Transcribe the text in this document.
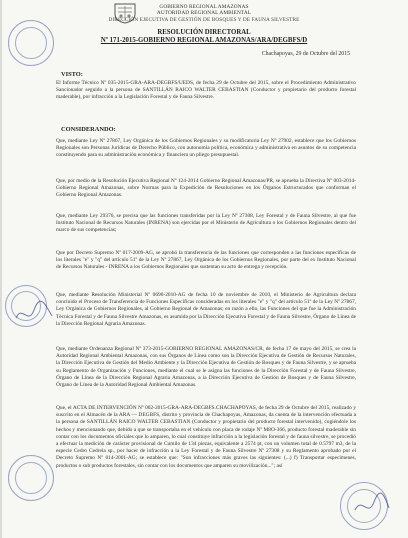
GOBIERNO REGIONAL AMAZONAS
AUTORIDAD REGIONAL AMBIENTAL
DIRECCIÓN EJECUTIVA DE GESTIÓN DE BOSQUES Y DE FAUNA SILVESTRE
RESOLUCIÓN DIRECTORAL
Nº 171-2015-GOBIERNO REGIONAL AMAZONAS/ARA/DEGBFS/D
Chachapoyas, 29 de Octubre del 2015
VISTO:
El Informe Técnico Nº 035-2015-GRA-ARA-DEGBFS/UEDS, de fecha 29 de Octubre del 2015, sobre el Procedimiento Administrativo Sancionador seguido a la persona de SANTILLÁN RAICO WALTER CEBASTIAN (Conductor y propietario del producto forestal maderable), por infracción a la Legislación Forestal y de Fauna Silvestre.
CONSIDERANDO:
Que, mediante Ley Nº 27867, Ley Orgánica de los Gobiernos Regionales y su modificatoria Ley Nº 27902, establece que los Gobiernos Regionales son Personas Jurídicas de Derecho Público, con autonomía política, económica y administrativa en asuntos de su competencia constituyendo para su administración económica y financiera un pliego presupuestal.
Que, por medio de la Resolución Ejecutiva Regional Nº 124-2014 Gobierno Regional Amazonas/PR, se aprueba la Directiva Nº 003-2014-Gobierno Regional Amazonas, sobre Normas para la Expedición de Resoluciones en los Órganos Estructurados que conforman el Gobierno Regional Amazonas.
Que, mediante Ley 29376, se precisa que las funciones transferidas por la Ley Nº 27308, Ley Forestal y de Fauna Silvestre, al que fue Instituto Nacional de Recursos Naturales (INRENA) son ejercidas por el Ministerio de Agricultura o los Gobiernos Regionales dentro del marco de sus competencias;
Que por Decreto Supremo Nº 017-2009-AG, se aprobó la transferencia de las funciones que corresponden a las funciones específicas de los literales "e" y "q" del artículo 51º de la Ley Nº 27867, Ley Orgánica de los Gobiernos Regionales, por parte del ex Instituto Nacional de Recursos Naturales - INRENA a los Gobiernos Regionales que sustentan su acto de entrega y recepción.
Que, mediante Resolución Ministerial Nº 0690-2010-AG de fecha 10 de noviembre de 2010, el Ministerio de Agricultura declara concluido el Proceso de Transferencia de Funciones Específicas consideradas en los literales "e" y "q" del artículo 51º de la Ley Nº 27867, Ley Orgánica de Gobiernos Regionales, al Gobierno Regional de Amazonas; en razón a ello, las Funciones del que fue la Administración Técnica Forestal y de Fauna Silvestre Amazonas, es asumida por la Dirección Ejecutiva Forestal y de Fauna Silvestre, Órgano de Línea de la Dirección Regional Agraria Amazonas.
Que, mediante Ordenanza Regional Nº 373-2015-GOBIERNO REGIONAL AMAZONAS/CR, de fecha 17 de mayo del 2015, se crea la Autoridad Regional Ambiental Amazonas, con sus Órganos de Línea como son la Dirección Ejecutiva de Gestión de Recursos Naturales, la Dirección Ejecutiva de Gestión del Medio Ambiente y la Dirección Ejecutiva de Gestión de Bosques y de Fauna Silvestre, y se aprueba su Reglamento de Organización y Funciones, mediante el cual se le asigna las funciones de la Dirección Forestal y de Fauna Silvestre, Órgano de Línea de la Dirección Regional Agraria Amazonas, a la Dirección Ejecutiva de Gestión de Bosques y de Fauna Silvestre, Órgano de Línea de la Autoridad Regional Ambiental Amazonas.
Que, el ACTA DE INTERVENCIÓN Nº 002-2015-GRA-ARA-DEGBFS.CHACHAPOYAS, de fecha 29 de Octubre del 2015, realizado y suscrito en el Almacén de la ARA — DEGBFS, distrito y provincia de Chachapoyas, Amazonas, da cuenta de la intervención efectuada a la persona de SANTILLÁN RAICO WALTER CEBASTIAN (Conductor y propietario del producto forestal intervenido), cogiéndole los hechos y mencionando que, debido a que se transportaba en el vehículo con placa de rodaje Nº M8O-366, producto forestal maderable sin contar con los documentos oficiales que lo amparen, lo cual constituye infracción a la legislación forestal y de fauna silvestre, se procedió a efectuar la medición de carácter provisional de Cumilo de 134 piezas, equivalente a 2574 pt, con un volumen total de 0.5797 m3, de la especie Cedro Cedrela sp., por hacer de infracción a la Ley Forestal y de Fauna Silvestre Nº 27308 y su Reglamento aprobado por el Decreto Supremo Nº 014-2001-AG; se establece que: "Son infracciones más graves las siguientes: (...) f) Transportar especímenes, productos o sub productos forestales, sin contar con los documentos que amparen su movilización..."; así
